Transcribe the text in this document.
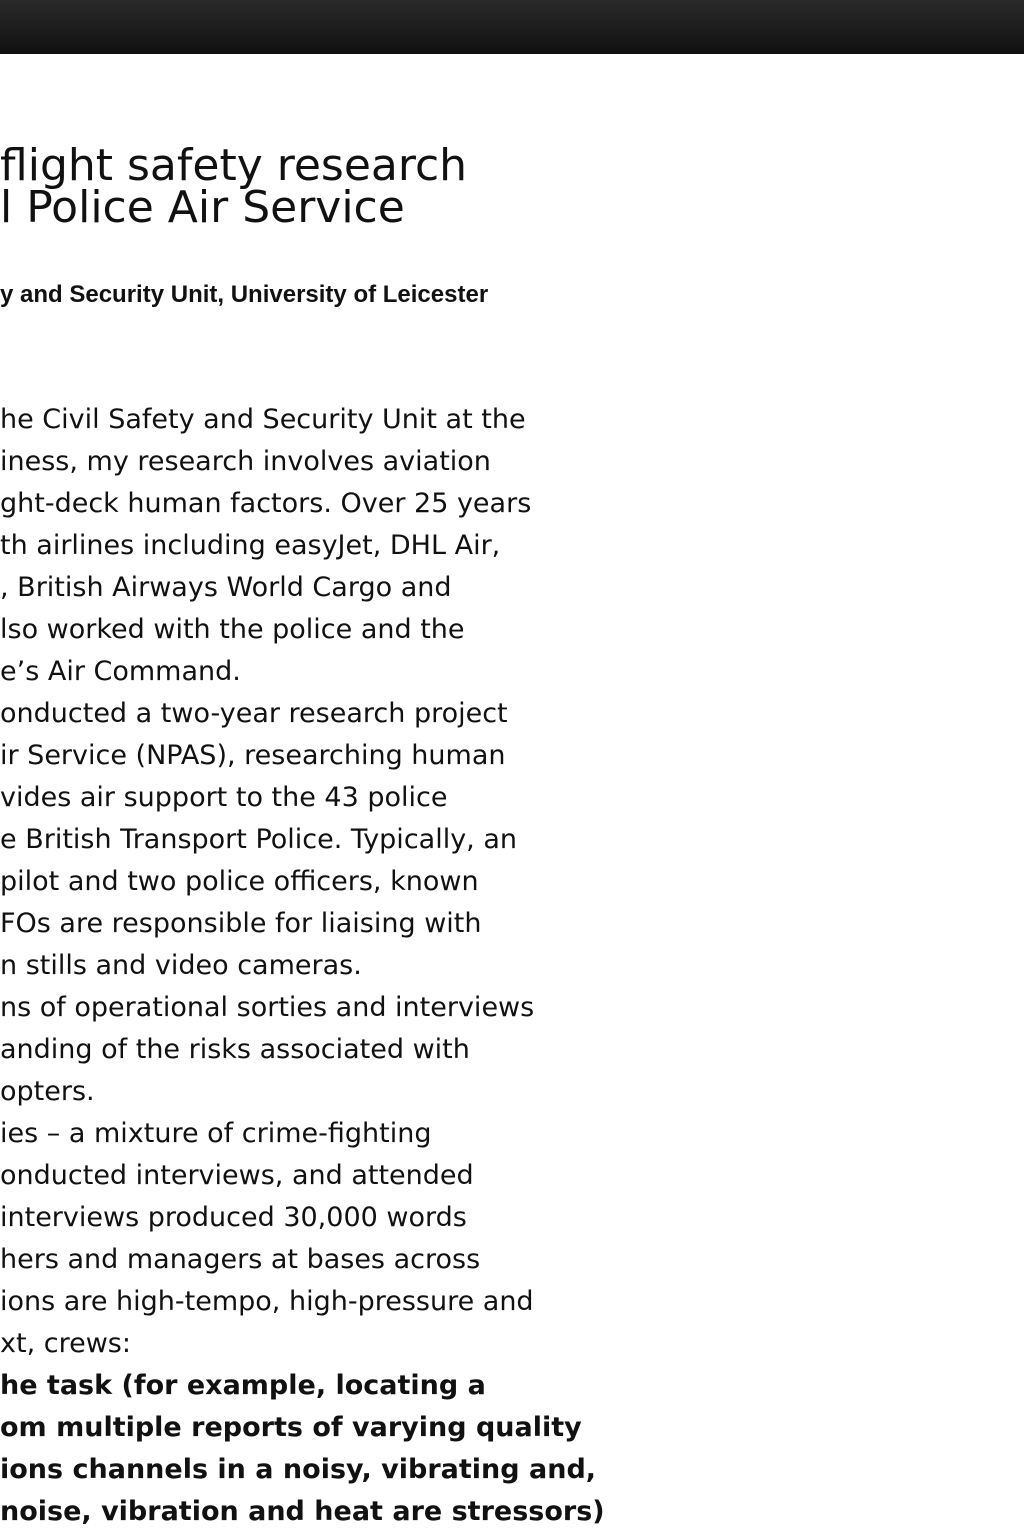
flight safety research
l Police Air Service

y and Security Unit, University of Leicester

he Civil Safety and Security Unit at the
iness, my research involves aviation
ght-deck human factors. Over 25 years
th airlines including easyJet, DHL Air,
, British Airways World Cargo and
lso worked with the police and the
e’s Air Command.
onducted a two-year research project
ir Service (NPAS), researching human
vides air support to the 43 police
e British Transport Police. Typically, an
pilot and two police officers, known
FOs are responsible for liaising with
n stills and video cameras.
ns of operational sorties and interviews
anding of the risks associated with
opters.
ies – a mixture of crime-fighting
onducted interviews, and attended
interviews produced 30,000 words
hers and managers at bases across
ions are high-tempo, high-pressure and
xt, crews:
he task (for example, locating a
om multiple reports of varying quality
ions channels in a noisy, vibrating and,
noise, vibration and heat are stressors)
